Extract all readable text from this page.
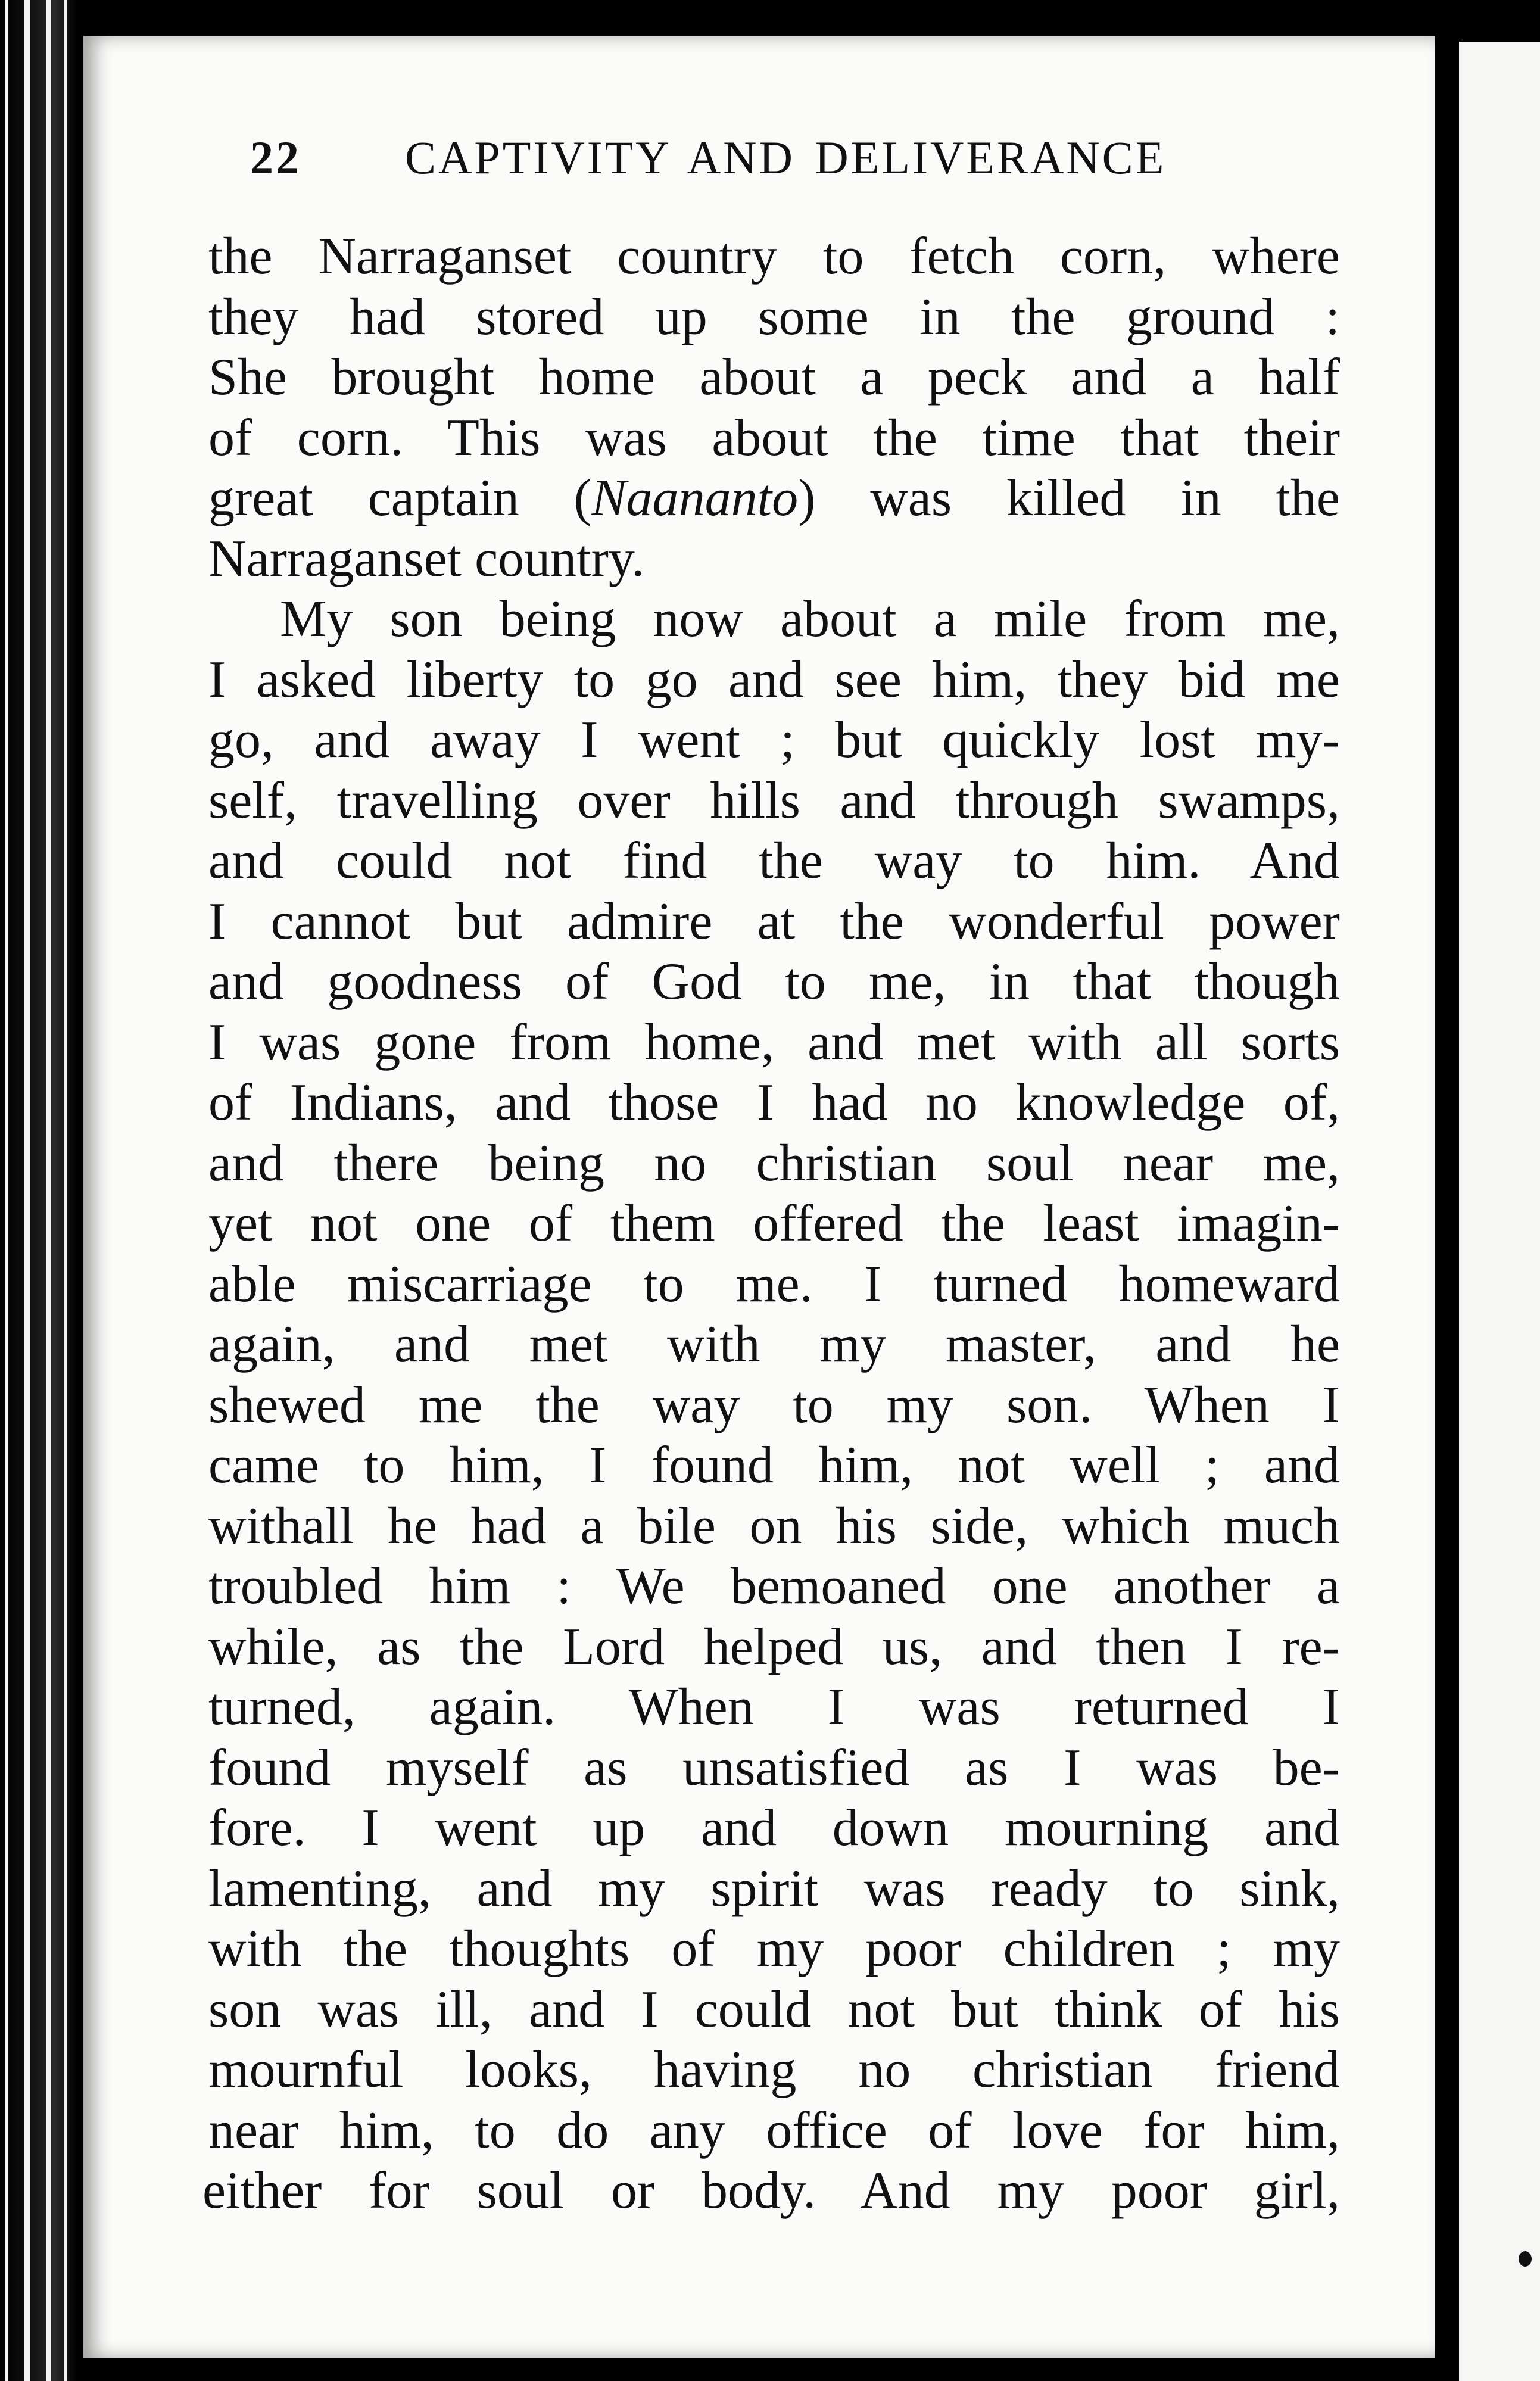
22 CAPTIVITY AND DELIVERANCE
the Narraganset country to fetch corn, where
they had stored up some in the ground :
She brought home about a peck and a half
of corn. This was about the time that their
great captain (Naananto) was killed in the
Narraganset country.
My son being now about a mile from me,
I asked liberty to go and see him, they bid me
go, and away I went ; but quickly lost my-
self, travelling over hills and through swamps,
and could not find the way to him. And
I cannot but admire at the wonderful power
and goodness of God to me, in that though
I was gone from home, and met with all sorts
of Indians, and those I had no knowledge of,
and there being no christian soul near me,
yet not one of them offered the least imagin-
able miscarriage to me. I turned homeward
again, and met with my master, and he
shewed me the way to my son. When I
came to him, I found him, not well ; and
withall he had a bile on his side, which much
troubled him : We bemoaned one another a
while, as the Lord helped us, and then I re-
turned, again. When I was returned I
found myself as unsatisfied as I was be-
fore. I went up and down mourning and
lamenting, and my spirit was ready to sink,
with the thoughts of my poor children ; my
son was ill, and I could not but think of his
mournful looks, having no christian friend
near him, to do any office of love for him,
either for soul or body. And my poor girl,
